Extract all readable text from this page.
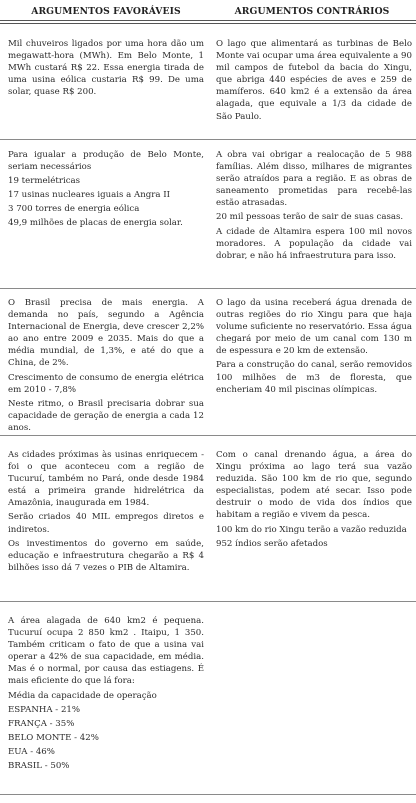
ARGUMENTOS FAVORÁVEIS	ARGUMENTOS CONTRÁRIOS

Mil chuveiros ligados por uma hora dão um megawatt-hora (MWh). Em Belo Monte, 1 MWh custará R$ 22. Essa energia tirada de uma usina eólica custaria R$ 99. De uma solar, quase R$ 200.

O lago que alimentará as turbinas de Belo Monte vai ocupar uma área equivalente a 90 mil campos de futebol da bacia do Xingu, que abriga 440 espécies de aves e 259 de mamíferos. 640 km2 é a extensão da área alagada, que equivale a 1/3 da cidade de São Paulo.

Para igualar a produção de Belo Monte, seriam necessários

19 termelétricas

17 usinas nucleares iguais a Angra II

3 700 torres de energia eólica

49,9 milhões de placas de energia solar.

A obra vai obrigar a realocação de 5 988 famílias. Além disso, milhares de migrantes serão atraídos para a região. E as obras de saneamento prometidas para recebê-las estão atrasadas.

20 mil pessoas terão de sair de suas casas.

A cidade de Altamira espera 100 mil novos moradores. A população da cidade vai dobrar, e não há infraestrutura para isso.

O Brasil precisa de mais energia. A demanda no país, segundo a Agência Internacional de Energia, deve crescer 2,2% ao ano entre 2009 e 2035. Mais do que a média mundial, de 1,3%, e até do que a China, de 2%.

Crescimento de consumo de energia elétrica em 2010 - 7,8%

Neste ritmo, o Brasil precisaria dobrar sua capacidade de geração de energia a cada 12 anos.

O lago da usina receberá água drenada de outras regiões do rio Xingu para que haja volume suficiente no reservatório. Essa água chegará por meio de um canal com 130 m de espessura e 20 km de extensão.

Para a construção do canal, serão removidos 100 milhões de m3 de floresta, que encheriam 40 mil piscinas olímpicas.

As cidades próximas às usinas enriquecem - foi o que aconteceu com a região de Tucuruí, também no Pará, onde desde 1984 está a primeira grande hidrelétrica da Amazônia, inaugurada em 1984.

Serão criados 40 MIL empregos diretos e indiretos.

Os investimentos do governo em saúde, educação e infraestrutura chegarão a R$ 4 bilhões isso dá 7 vezes o PIB de Altamira.

Com o canal drenando água, a área do Xingu próxima ao lago terá sua vazão reduzida. São 100 km de rio que, segundo especialistas, podem até secar. Isso pode destruir o modo de vida dos índios que habitam a região e vivem da pesca.

100 km do rio Xingu terão a vazão reduzida

952 índios serão afetados

A área alagada de 640 km2 é pequena. Tucuruí ocupa 2 850 km2 . Itaipu, 1 350. Também criticam o fato de que a usina vai operar a 42% de sua capacidade, em média. Mas é o normal, por causa das estiagens. É mais eficiente do que lá fora:

Média da capacidade de operação

ESPANHA - 21%

FRANÇA - 35%

BELO MONTE - 42%

EUA - 46%

BRASIL - 50%
